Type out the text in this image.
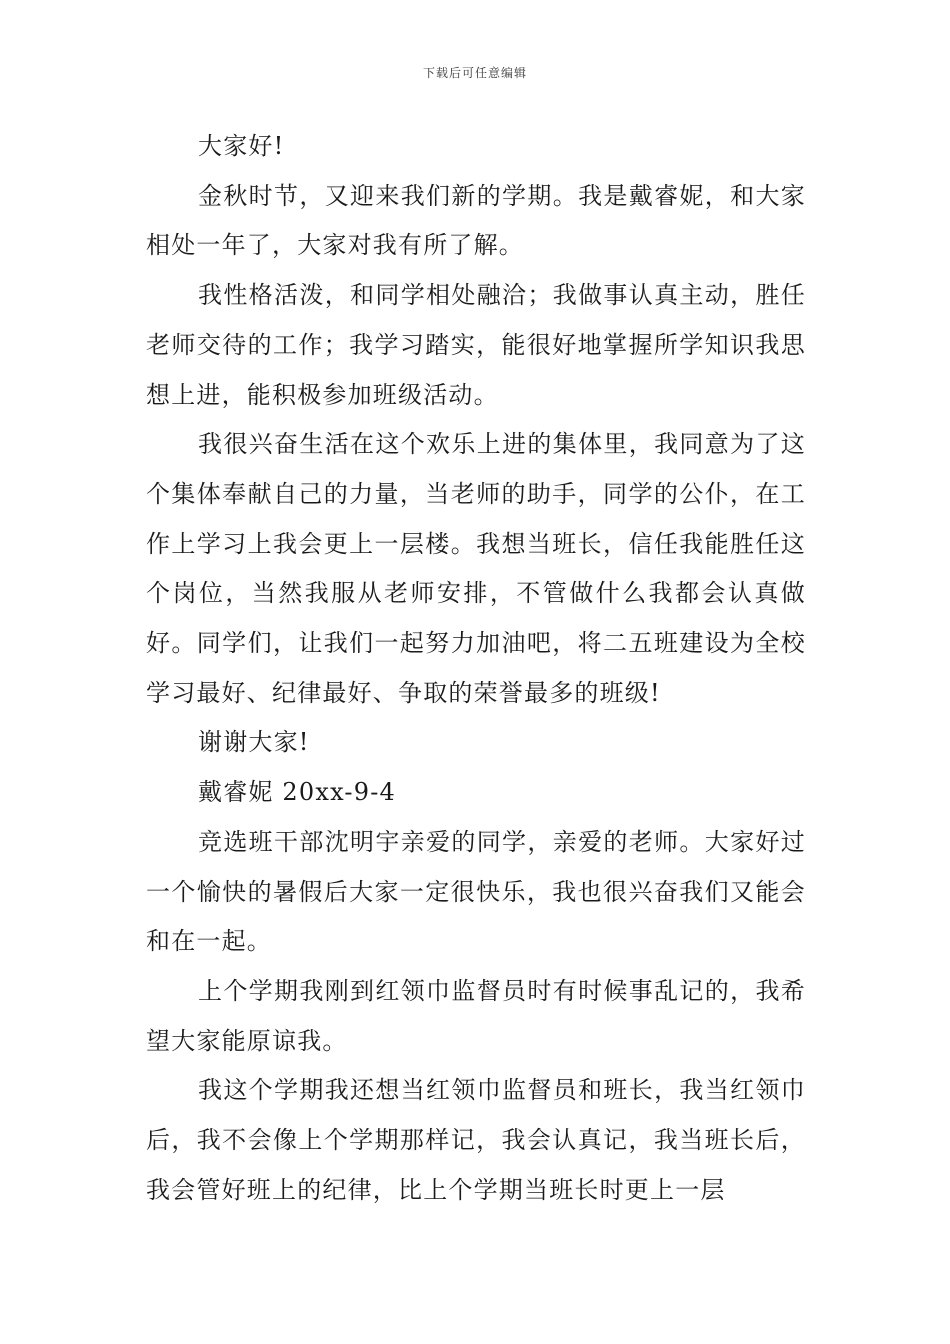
下载后可任意编辑

大家好!

金秋时节，又迎来我们新的学期。我是戴睿妮，和大家相处一年了，大家对我有所了解。

我性格活泼，和同学相处融洽；我做事认真主动，胜任老师交待的工作；我学习踏实，能很好地掌握所学知识我思想上进，能积极参加班级活动。

我很兴奋生活在这个欢乐上进的集体里，我同意为了这个集体奉献自己的力量，当老师的助手，同学的公仆，在工作上学习上我会更上一层楼。我想当班长，信任我能胜任这个岗位，当然我服从老师安排，不管做什么我都会认真做好。同学们，让我们一起努力加油吧，将二五班建设为全校学习最好、纪律最好、争取的荣誉最多的班级!

谢谢大家!

戴睿妮 20xx-9-4

竞选班干部沈明宇亲爱的同学，亲爱的老师。大家好过一个愉快的暑假后大家一定很快乐，我也很兴奋我们又能会和在一起。

上个学期我刚到红领巾监督员时有时候事乱记的，我希望大家能原谅我。

我这个学期我还想当红领巾监督员和班长，我当红领巾后，我不会像上个学期那样记，我会认真记，我当班长后，我会管好班上的纪律，比上个学期当班长时更上一层
